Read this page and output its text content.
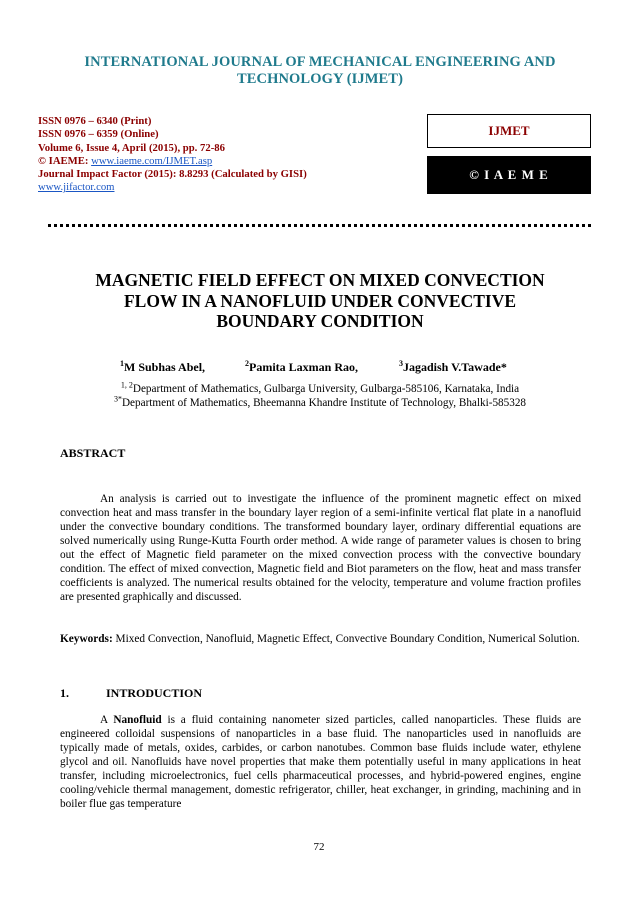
INTERNATIONAL JOURNAL OF MECHANICAL ENGINEERING AND
TECHNOLOGY (IJMET)
ISSN 0976 – 6340 (Print)
ISSN 0976 – 6359 (Online)
Volume 6, Issue 4, April (2015), pp. 72-86
© IAEME: www.iaeme.com/IJMET.asp
Journal Impact Factor (2015): 8.8293 (Calculated by GISI)
www.jifactor.com
IJMET
© I A E M E
MAGNETIC FIELD EFFECT ON MIXED CONVECTION
FLOW IN A NANOFLUID UNDER CONVECTIVE
BOUNDARY CONDITION
$^1$M Subhas Abel,	$^2$Pamita Laxman Rao,	$^3$Jagadish V.Tawade*
$^{1, 2}$Department of Mathematics, Gulbarga University, Gulbarga-585106, Karnataka, India
$^{3*}$Department of Mathematics, Bheemanna Khandre Institute of Technology, Bhalki-585328
ABSTRACT
An analysis is carried out to investigate the influence of the prominent magnetic effect on mixed convection heat and mass transfer in the boundary layer region of a semi-infinite vertical flat plate in a nanofluid under the convective boundary conditions. The transformed boundary layer, ordinary differential equations are solved numerically using Runge-Kutta Fourth order method. A wide range of parameter values is chosen to bring out the effect of Magnetic field parameter on the mixed convection process with the convective boundary condition. The effect of mixed convection, Magnetic field and Biot parameters on the flow, heat and mass transfer coefficients is analyzed. The numerical results obtained for the velocity, temperature and volume fraction profiles are presented graphically and discussed.
Keywords: Mixed Convection, Nanofluid, Magnetic Effect, Convective Boundary Condition, Numerical Solution.
1.	INTRODUCTION
A Nanofluid is a fluid containing nanometer sized particles, called nanoparticles. These fluids are engineered colloidal suspensions of nanoparticles in a base fluid. The nanoparticles used in nanofluids are typically made of metals, oxides, carbides, or carbon nanotubes. Common base fluids include water, ethylene glycol and oil. Nanofluids have novel properties that make them potentially useful in many applications in heat transfer, including microelectronics, fuel cells pharmaceutical processes, and hybrid-powered engines, engine cooling/vehicle thermal management, domestic refrigerator, chiller, heat exchanger, in grinding, machining and in boiler flue gas temperature
72
